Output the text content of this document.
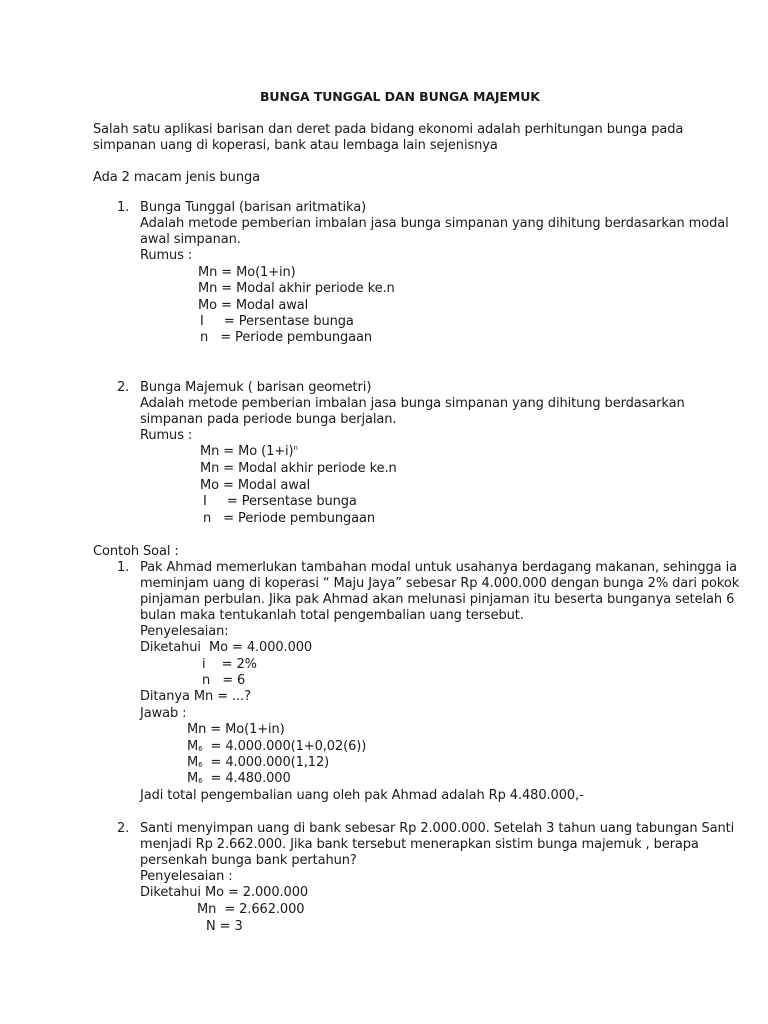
BUNGA TUNGGAL DAN BUNGA MAJEMUK
Salah satu aplikasi barisan dan deret pada bidang ekonomi adalah perhitungan bunga pada
simpanan uang di koperasi, bank atau lembaga lain sejenisnya
Ada 2 macam jenis bunga
1. Bunga Tunggal (barisan aritmatika)
Adalah metode pemberian imbalan jasa bunga simpanan yang dihitung berdasarkan modal
awal simpanan.
Rumus :
Mn = Mo(1+in)
Mn = Modal akhir periode ke.n
Mo = Modal awal
I     = Persentase bunga
n   = Periode pembungaan
2. Bunga Majemuk ( barisan geometri)
Adalah metode pemberian imbalan jasa bunga simpanan yang dihitung berdasarkan
simpanan pada periode bunga berjalan.
Rumus :
Mn = Mo $(1+i)^n$
Mn = Modal akhir periode ke.n
Mo = Modal awal
I     = Persentase bunga
n   = Periode pembungaan
Contoh Soal :
1. Pak Ahmad memerlukan tambahan modal untuk usahanya berdagang makanan, sehingga ia
meminjam uang di koperasi “ Maju Jaya” sebesar Rp 4.000.000 dengan bunga 2% dari pokok
pinjaman perbulan. Jika pak Ahmad akan melunasi pinjaman itu beserta bunganya setelah 6
bulan maka tentukanlah total pengembalian uang tersebut.
Penyelesaian:
Diketahui  Mo = 4.000.000
i    = 2%
n   = 6
Ditanya Mn = ...?
Jawab :
Mn = Mo(1+in)
$M_6 = 4.000.000(1+0,02(6))$
$M_6 = 4.000.000(1,12)$
$M_6 = 4.480.000$
Jadi total pengembalian uang oleh pak Ahmad adalah Rp 4.480.000,-
2. Santi menyimpan uang di bank sebesar Rp 2.000.000. Setelah 3 tahun uang tabungan Santi
menjadi Rp 2.662.000. Jika bank tersebut menerapkan sistim bunga majemuk , berapa
persenkah bunga bank pertahun?
Penyelesaian :
Diketahui Mo = 2.000.000
Mn  = 2.662.000
N = 3
